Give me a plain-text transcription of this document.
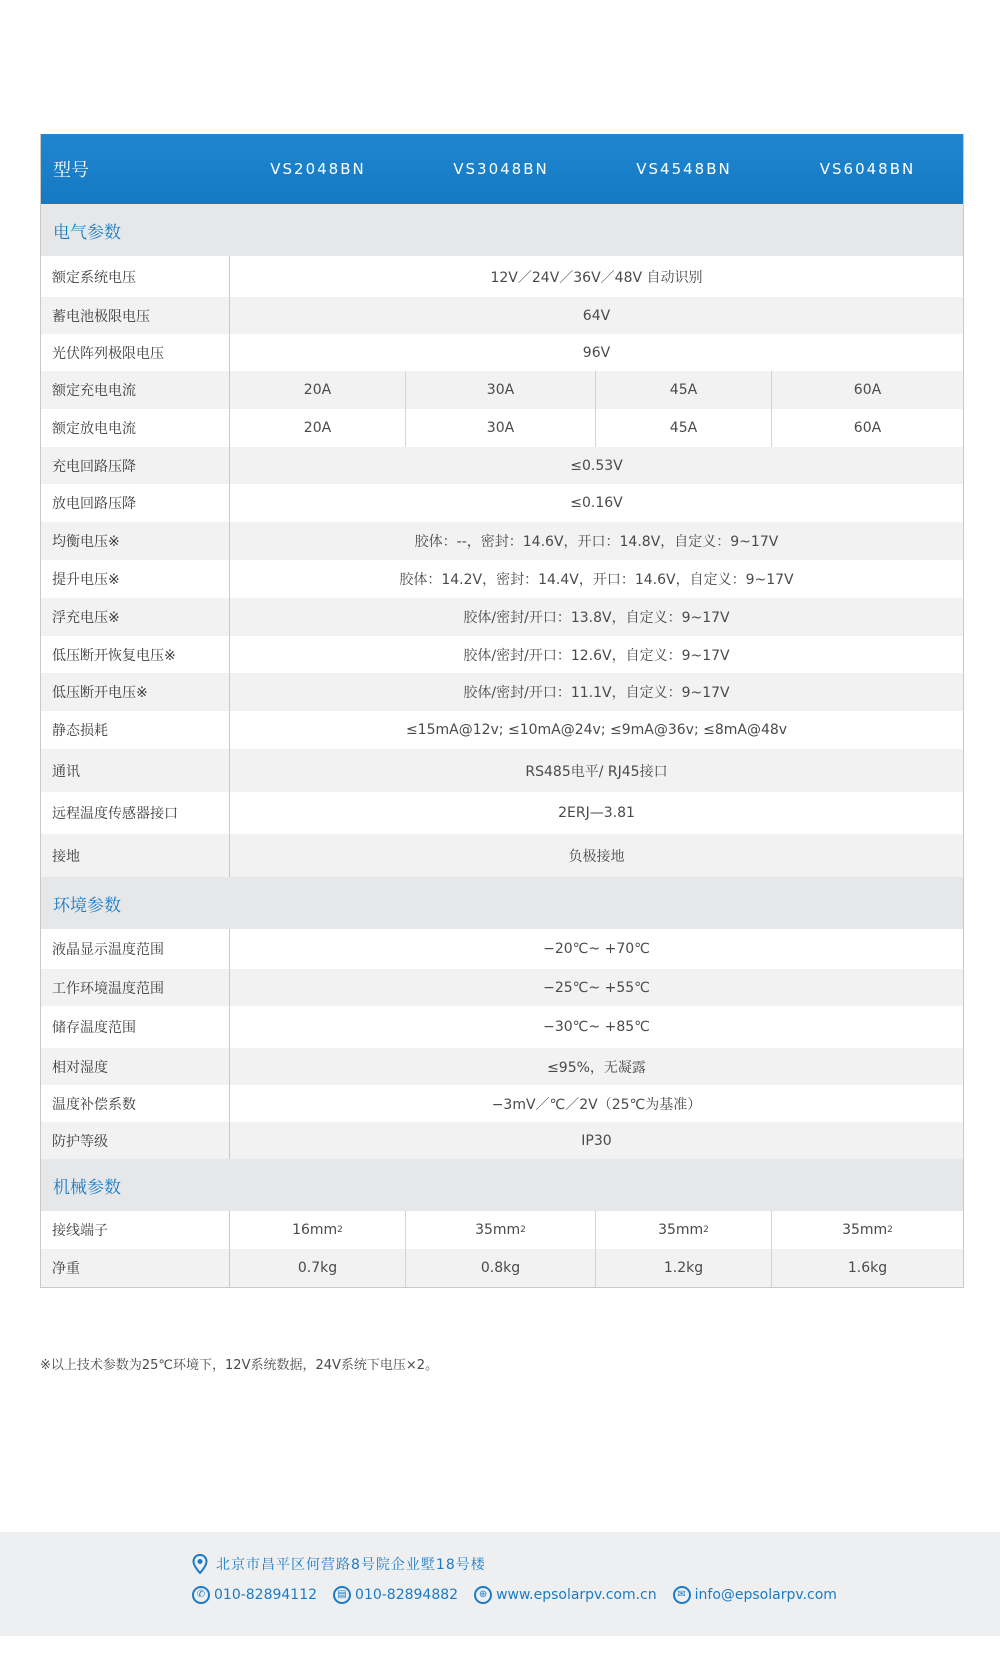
型号	VS2048BN	VS3048BN	VS4548BN	VS6048BN
电气参数
额定系统电压	12V／24V／36V／48V 自动识别
蓄电池极限电压	64V
光伏阵列极限电压	96V
额定充电电流	20A	30A	45A	60A
额定放电电流	20A	30A	45A	60A
充电回路压降	≤0.53V
放电回路压降	≤0.16V
均衡电压※	胶体：--，密封：14.6V，开口：14.8V，自定义：9~17V
提升电压※	胶体：14.2V，密封：14.4V，开口：14.6V，自定义：9~17V
浮充电压※	胶体/密封/开口：13.8V，自定义：9~17V
低压断开恢复电压※	胶体/密封/开口：12.6V，自定义：9~17V
低压断开电压※	胶体/密封/开口：11.1V，自定义：9~17V
静态损耗	≤15mA@12v; ≤10mA@24v; ≤9mA@36v; ≤8mA@48v
通讯	RS485电平/ RJ45接口
远程温度传感器接口	2ERJ—3.81
接地	负极接地
环境参数
液晶显示温度范围	−20℃~ +70℃
工作环境温度范围	−25℃~ +55℃
储存温度范围	−30℃~ +85℃
相对湿度	≤95%，无凝露
温度补偿系数	−3mV／℃／2V（25℃为基准）
防护等级	IP30
机械参数
接线端子	16mm 2	35mm 2	35mm 2	35mm 2
净重	0.7kg	0.8kg	1.2kg	1.6kg
※以上技术参数为25℃环境下，12V系统数据，24V系统下电压×2。
北京市昌平区何营路8号院企业墅18号楼
✆ 010-82894112	▤ 010-82894882	⊕ www.epsolarpv.com.cn	✉ info@epsolarpv.com
